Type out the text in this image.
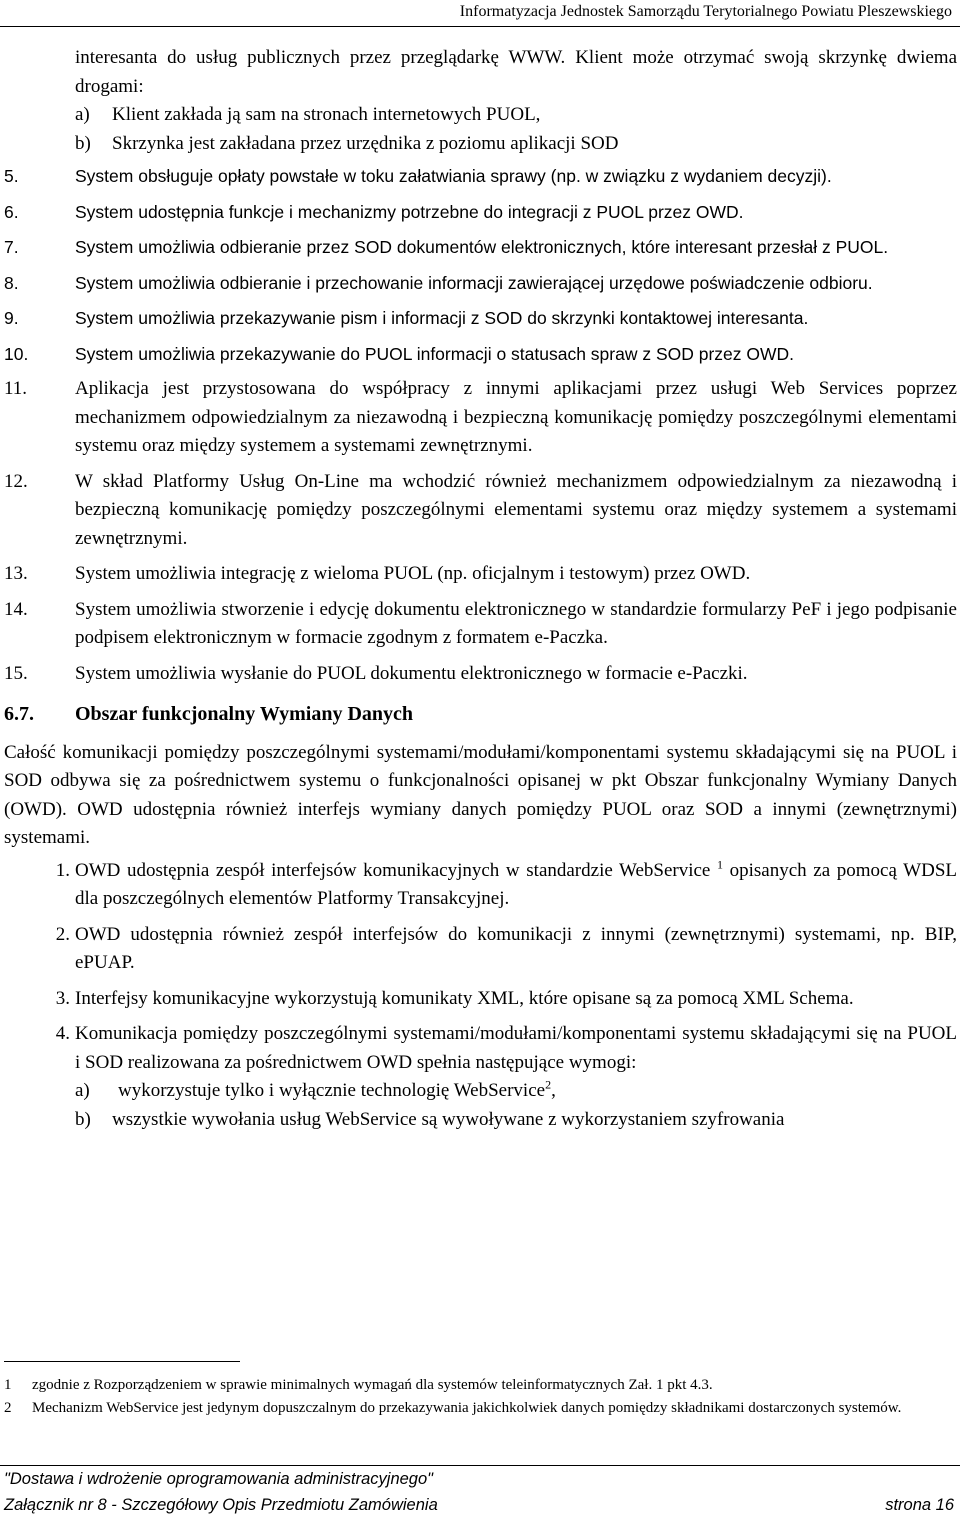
Informatyzacja Jednostek Samorządu Terytorialnego Powiatu Pleszewskiego

interesanta do usług publicznych przez przeglądarkę WWW. Klient może otrzymać swoją skrzynkę dwiema drogami:

a) Klient zakłada ją sam na stronach internetowych PUOL,
b) Skrzynka jest zakładana przez urzędnika z poziomu aplikacji SOD
5.	System obsługuje opłaty powstałe w toku załatwiania sprawy (np. w związku z wydaniem decyzji).
6.	System udostępnia funkcje i mechanizmy potrzebne do integracji z PUOL przez OWD.
7.	System umożliwia odbieranie przez SOD dokumentów elektronicznych, które interesant przesłał z PUOL.
8.	System umożliwia odbieranie i przechowanie informacji zawierającej urzędowe poświadczenie odbioru.
9.	System umożliwia przekazywanie pism i informacji z SOD do skrzynki kontaktowej interesanta.
10.	System umożliwia przekazywanie do PUOL informacji o statusach spraw z SOD przez OWD.
11.	Aplikacja jest przystosowana do współpracy z innymi aplikacjami przez usługi Web Services poprzez mechanizmem odpowiedzialnym za niezawodną i bezpieczną komunikację pomiędzy poszczególnymi elementami systemu oraz między systemem a systemami zewnętrznymi.
12.	W skład Platformy Usług On-Line ma wchodzić również mechanizmem odpowiedzialnym za niezawodną i bezpieczną komunikację pomiędzy poszczególnymi elementami systemu oraz między systemem a systemami zewnętrznymi.
13.	System umożliwia integrację z wieloma PUOL (np. oficjalnym i testowym) przez OWD.
14.	System umożliwia stworzenie i edycję dokumentu elektronicznego w standardzie formularzy PeF i jego podpisanie podpisem elektronicznym w formacie zgodnym z formatem e-Paczka.
15.	System umożliwia wysłanie do PUOL dokumentu elektronicznego w formacie e-Paczki.
6.7. Obszar funkcjonalny Wymiany Danych

Całość komunikacji pomiędzy poszczególnymi systemami/modułami/komponentami systemu składającymi się na PUOL i SOD odbywa się za pośrednictwem systemu o funkcjonalności opisanej w pkt Obszar funkcjonalny Wymiany Danych (OWD). OWD udostępnia również interfejs wymiany danych pomiędzy PUOL oraz SOD a innymi (zewnętrznymi) systemami.

1. OWD udostępnia zespół interfejsów komunikacyjnych w standardzie WebService $^1$ opisanych za pomocą WDSL dla poszczególnych elementów Platformy Transakcyjnej.
2. OWD udostępnia również zespół interfejsów do komunikacji z innymi (zewnętrznymi) systemami, np. BIP, ePUAP.
3. Interfejsy komunikacyjne wykorzystują komunikaty XML, które opisane są za pomocą XML Schema.
4. Komunikacja pomiędzy poszczególnymi systemami/modułami/komponentami systemu składającymi się na PUOL i SOD realizowana za pośrednictwem OWD spełnia następujące wymogi:
a) wykorzystuje tylko i wyłącznie technologię WebService$^2$,
b) wszystkie wywołania usług WebService są wywoływane z wykorzystaniem szyfrowania
1 zgodnie z Rozporządzeniem w sprawie minimalnych wymagań dla systemów teleinformatycznych Zał. 1 pkt 4.3.
2 Mechanizm WebService jest jedynym dopuszczalnym do przekazywania jakichkolwiek danych pomiędzy składnikami dostarczonych systemów.
"Dostawa i wdrożenie oprogramowania administracyjnego"
Załącznik nr 8 - Szczegółowy Opis Przedmiotu Zamówienia	strona 16
